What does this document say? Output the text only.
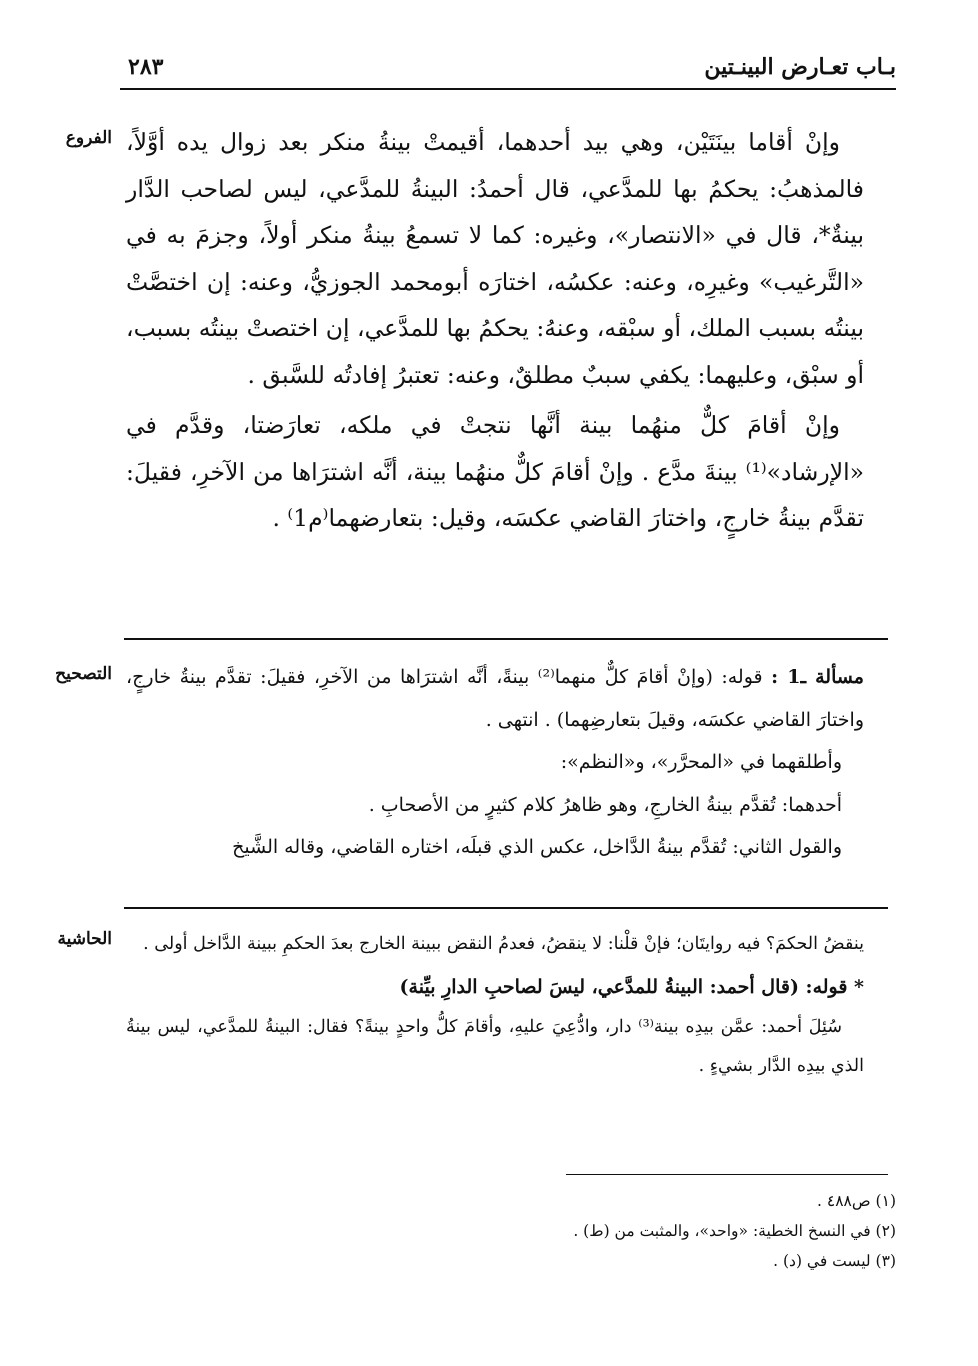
بـاب تعـارض البينـتين
٢٨٣
الفروع وإنْ أقاما بينَتَيْن، وهي بيد أحدهما، أقيمتْ بينةُ منكر بعد زوال يده أوَّلاً، فالمذهبُ: يحكمُ بها للمدَّعي، قال أحمدُ: البينةُ للمدَّعي، ليس لصاحب الدَّار بينةٌ*، قال في «الانتصار»، وغيره: كما لا تسمعُ بينةُ منكر أولاً، وجزمَ به في «التَّرغيب» وغيرِه، وعنه: عكسُه، اختارَه أبومحمد الجوزيُّ، وعنه: إن اختصَّتْ بينتُه بسبب الملك، أو سبْقه، وعنهُ: يحكمُ بها للمدَّعي، إن اختصتْ بينتُه بسبب، أو سبْق، وعليهما: يكفي سببٌ مطلقٌ، وعنه: تعتبرُ إفادتُه للسَّبق .

وإنْ أقامَ كلٌّ منهُما بينة أنَّها نتجتْ في ملكه، تعارَضتا، وقدَّم في «الإرشاد»⁽¹⁾ بينةَ مدَّع . وإنْ أقامَ كلٌّ منهُما بينة، أنَّه اشترَاها من الآخرِ، فقيلَ: تقدَّم بينةُ خارجٍ، واختارَ القاضي عكسَه، وقيل: بتعارضهما⁽م1⁾ .

التصحيح	مسألة ـ1 : قوله: (وإنْ أقامَ كلٌّ منهما⁽²⁾ بينةً، أنَّه اشترَاها من الآخرِ، فقيلَ: تقدَّم بينةُ خارجٍ، واختارَ القاضي عكسَه، وقيلَ بتعارضِهما) . انتهى .

وأطلقهما في «المحرَّر»، و«النظم»:

أحدهما: تُقدَّم بينةُ الخارجِ، وهو ظاهرُ كلام كثيرٍ من الأصحابِ .

والقول الثاني: تُقدَّم بينةُ الدَّاخل، عكس الذي قبلَه، اختاره القاضي، وقاله الشَّيخ

الحاشية	ينقضُ الحكمَ؟ فيه روايتَان؛ فإنْ قلْنا: لا ينقضُ، فعدمُ النقض ببينة الخارج بعدَ الحكمِ ببينة الدَّاخل أولى .

* قوله: (قال أحمد: البينةُ للمدَّعي، ليسَ لصاحبِ الدارِ بيِّنة)

سُئِلَ أحمد: عمَّن بيدِه بينة⁽³⁾ دار، وادُّعِيَ عليهِ، وأقامَ كلُّ واحدٍ بينةً؟ فقال: البينةُ للمدَّعي، ليس بينةُ الذي بيدِه الدَّار بشيءٍ .

(١) ص٤٨٨ .
(٢) في النسخ الخطية: «واحد»، والمثبت من (ط) .
(٣) ليست في (د) .
